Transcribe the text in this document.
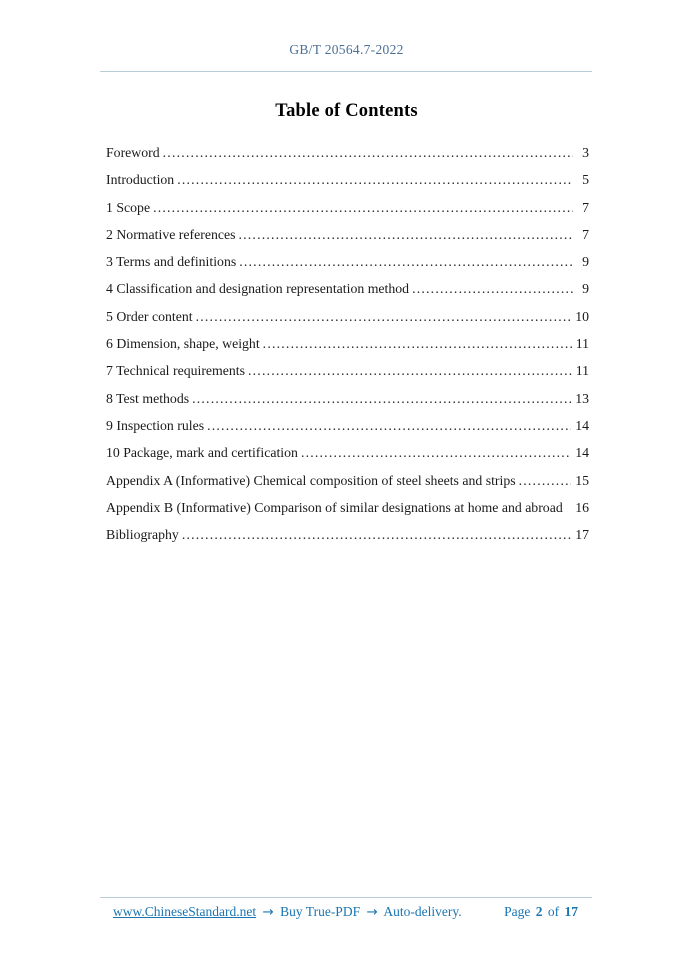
GB/T 20564.7-2022
Table of Contents
Foreword .....	3
Introduction .....	5
1 Scope .....	7
2 Normative references .....	7
3 Terms and definitions .....	9
4 Classification and designation representation method .....	9
5 Order content .....	10
6 Dimension, shape, weight .....	11
7 Technical requirements .....	11
8 Test methods .....	13
9 Inspection rules .....	14
10 Package, mark and certification .....	14
Appendix A (Informative) Chemical composition of steel sheets and strips .....	15
Appendix B (Informative) Comparison of similar designations at home and abroad 16
Bibliography .....	17
www.ChineseStandard.net → Buy True-PDF → Auto-delivery.	Page 2 of 17
